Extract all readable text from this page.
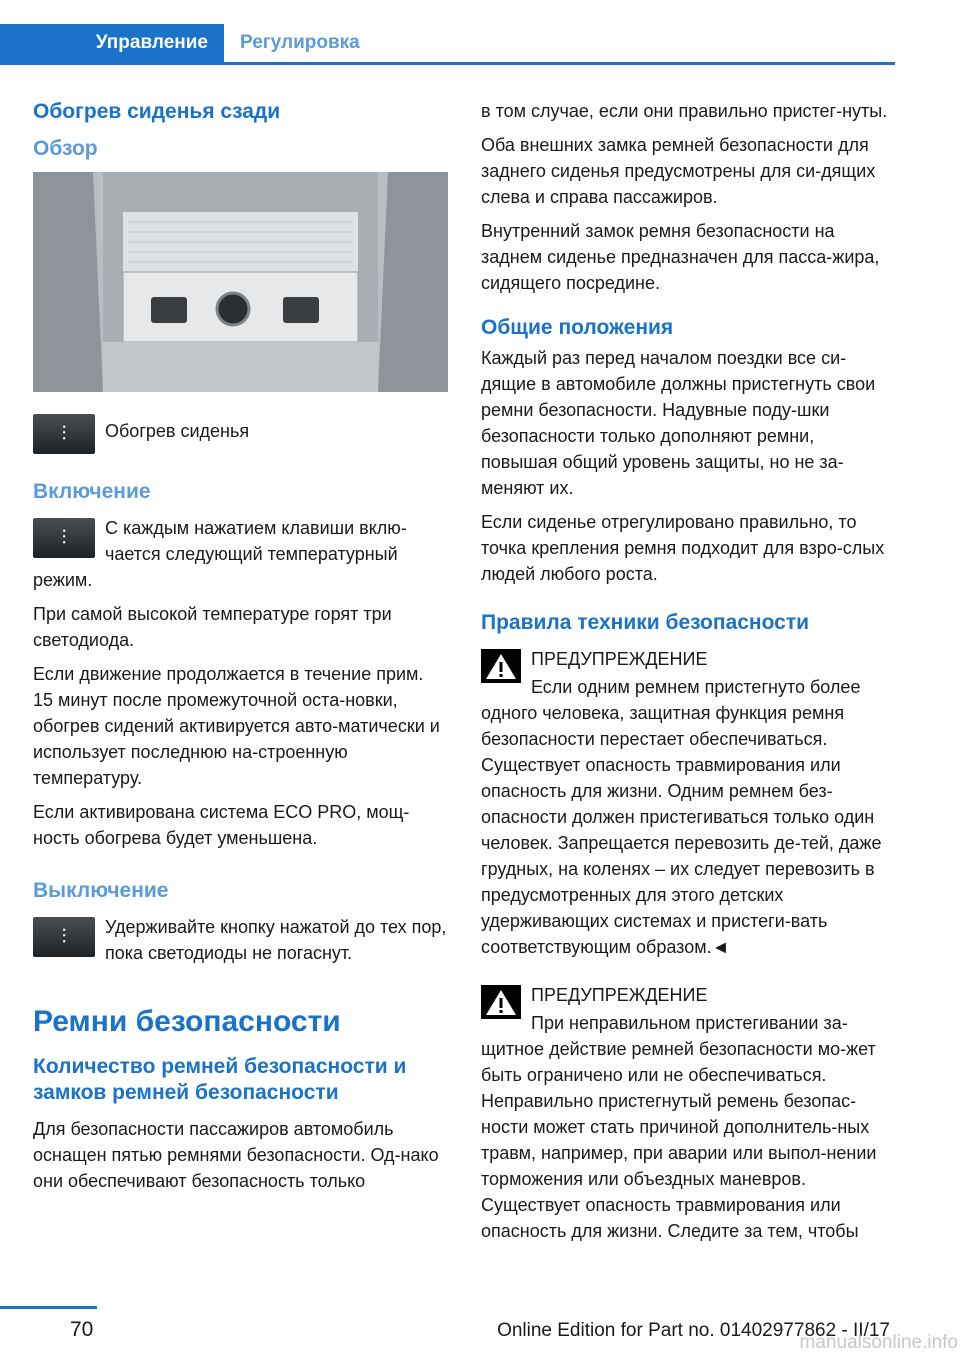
Управление	Регулировка
Обогрев сиденья сзади
Обзор
⫶ Обогрев сиденья

Включение
⫶	С каждым нажатием клавиши вклю-чается следующий температурный режим.

При самой высокой температуре горят три светодиода.

Если движение продолжается в течение прим. 15 минут после промежуточной оста-новки, обогрев сидений активируется авто-матически и использует последнюю на-строенную температуру.

Если активирована система ECO PRO, мощ-ность обогрева будет уменьшена.

Выключение
⫶	Удерживайте кнопку нажатой до тех пор, пока светодиоды не погаснут.

Ремни безопасности
Количество ремней безопасности и замков ремней безопасности

Для безопасности пассажиров автомобиль оснащен пятью ремнями безопасности. Од-нако они обеспечивают безопасность только

в том случае, если они правильно пристег-нуты.

Оба внешних замка ремней безопасности для заднего сиденья предусмотрены для си-дящих слева и справа пассажиров.

Внутренний замок ремня безопасности на заднем сиденье предназначен для пасса-жира, сидящего посредине.

Общие положения

Каждый раз перед началом поездки все си-дящие в автомобиле должны пристегнуть свои ремни безопасности. Надувные поду-шки безопасности только дополняют ремни, повышая общий уровень защиты, но не за-меняют их.

Если сиденье отрегулировано правильно, то точка крепления ремня подходит для взро-слых людей любого роста.

Правила техники безопасности

ПРЕДУПРЕЖДЕНИЕ

Если одним ремнем пристегнуто более одного человека, защитная функция ремня безопасности перестает обеспечиваться. Существует опасность травмирования или опасность для жизни. Одним ремнем без-опасности должен пристегиваться только один человек. Запрещается перевозить де-тей, даже грудных, на коленях – их следует перевозить в предусмотренных для этого детских удерживающих системах и пристеги-вать соответствующим образом.◄

ПРЕДУПРЕЖДЕНИЕ

При неправильном пристегивании за-щитное действие ремней безопасности мо-жет быть ограничено или не обеспечиваться. Неправильно пристегнутый ремень безопас-ности может стать причиной дополнитель-ных травм, например, при аварии или выпол-нении торможения или объездных маневров. Существует опасность травмирования или опасность для жизни. Следите за тем, чтобы

70	Online Edition for Part no. 01402977862 - II/17
manualsonline.info
